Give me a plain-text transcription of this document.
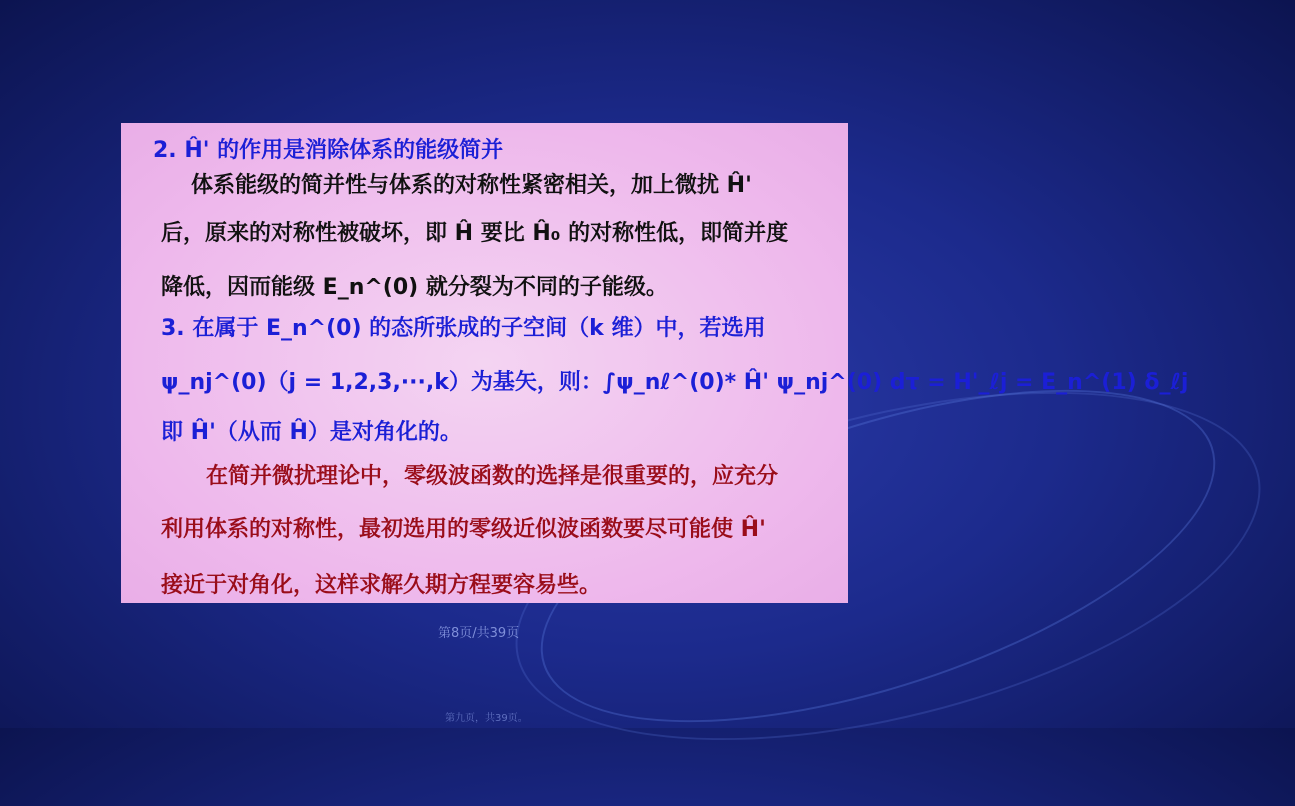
2. Ĥ' 的作用是消除体系的能级简并
体系能级的简并性与体系的对称性紧密相关，加上微扰 Ĥ'
后，原来的对称性被破坏，即 Ĥ 要比 Ĥ₀ 的对称性低，即简并度
降低，因而能级 E_n^(0) 就分裂为不同的子能级。
3. 在属于 E_n^(0) 的态所张成的子空间（k 维）中，若选用
ψ_nj^(0)（j = 1,2,3,···,k）为基矢，则：∫ψ_nℓ^(0)* Ĥ' ψ_nj^(0) dτ = H'_ℓj = E_n^(1) δ_ℓj
即 Ĥ'（从而 Ĥ）是对角化的。
在简并微扰理论中，零级波函数的选择是很重要的，应充分
利用体系的对称性，最初选用的零级近似波函数要尽可能使 Ĥ'
接近于对角化，这样求解久期方程要容易些。
第8页/共39页
第九页，共39页。
